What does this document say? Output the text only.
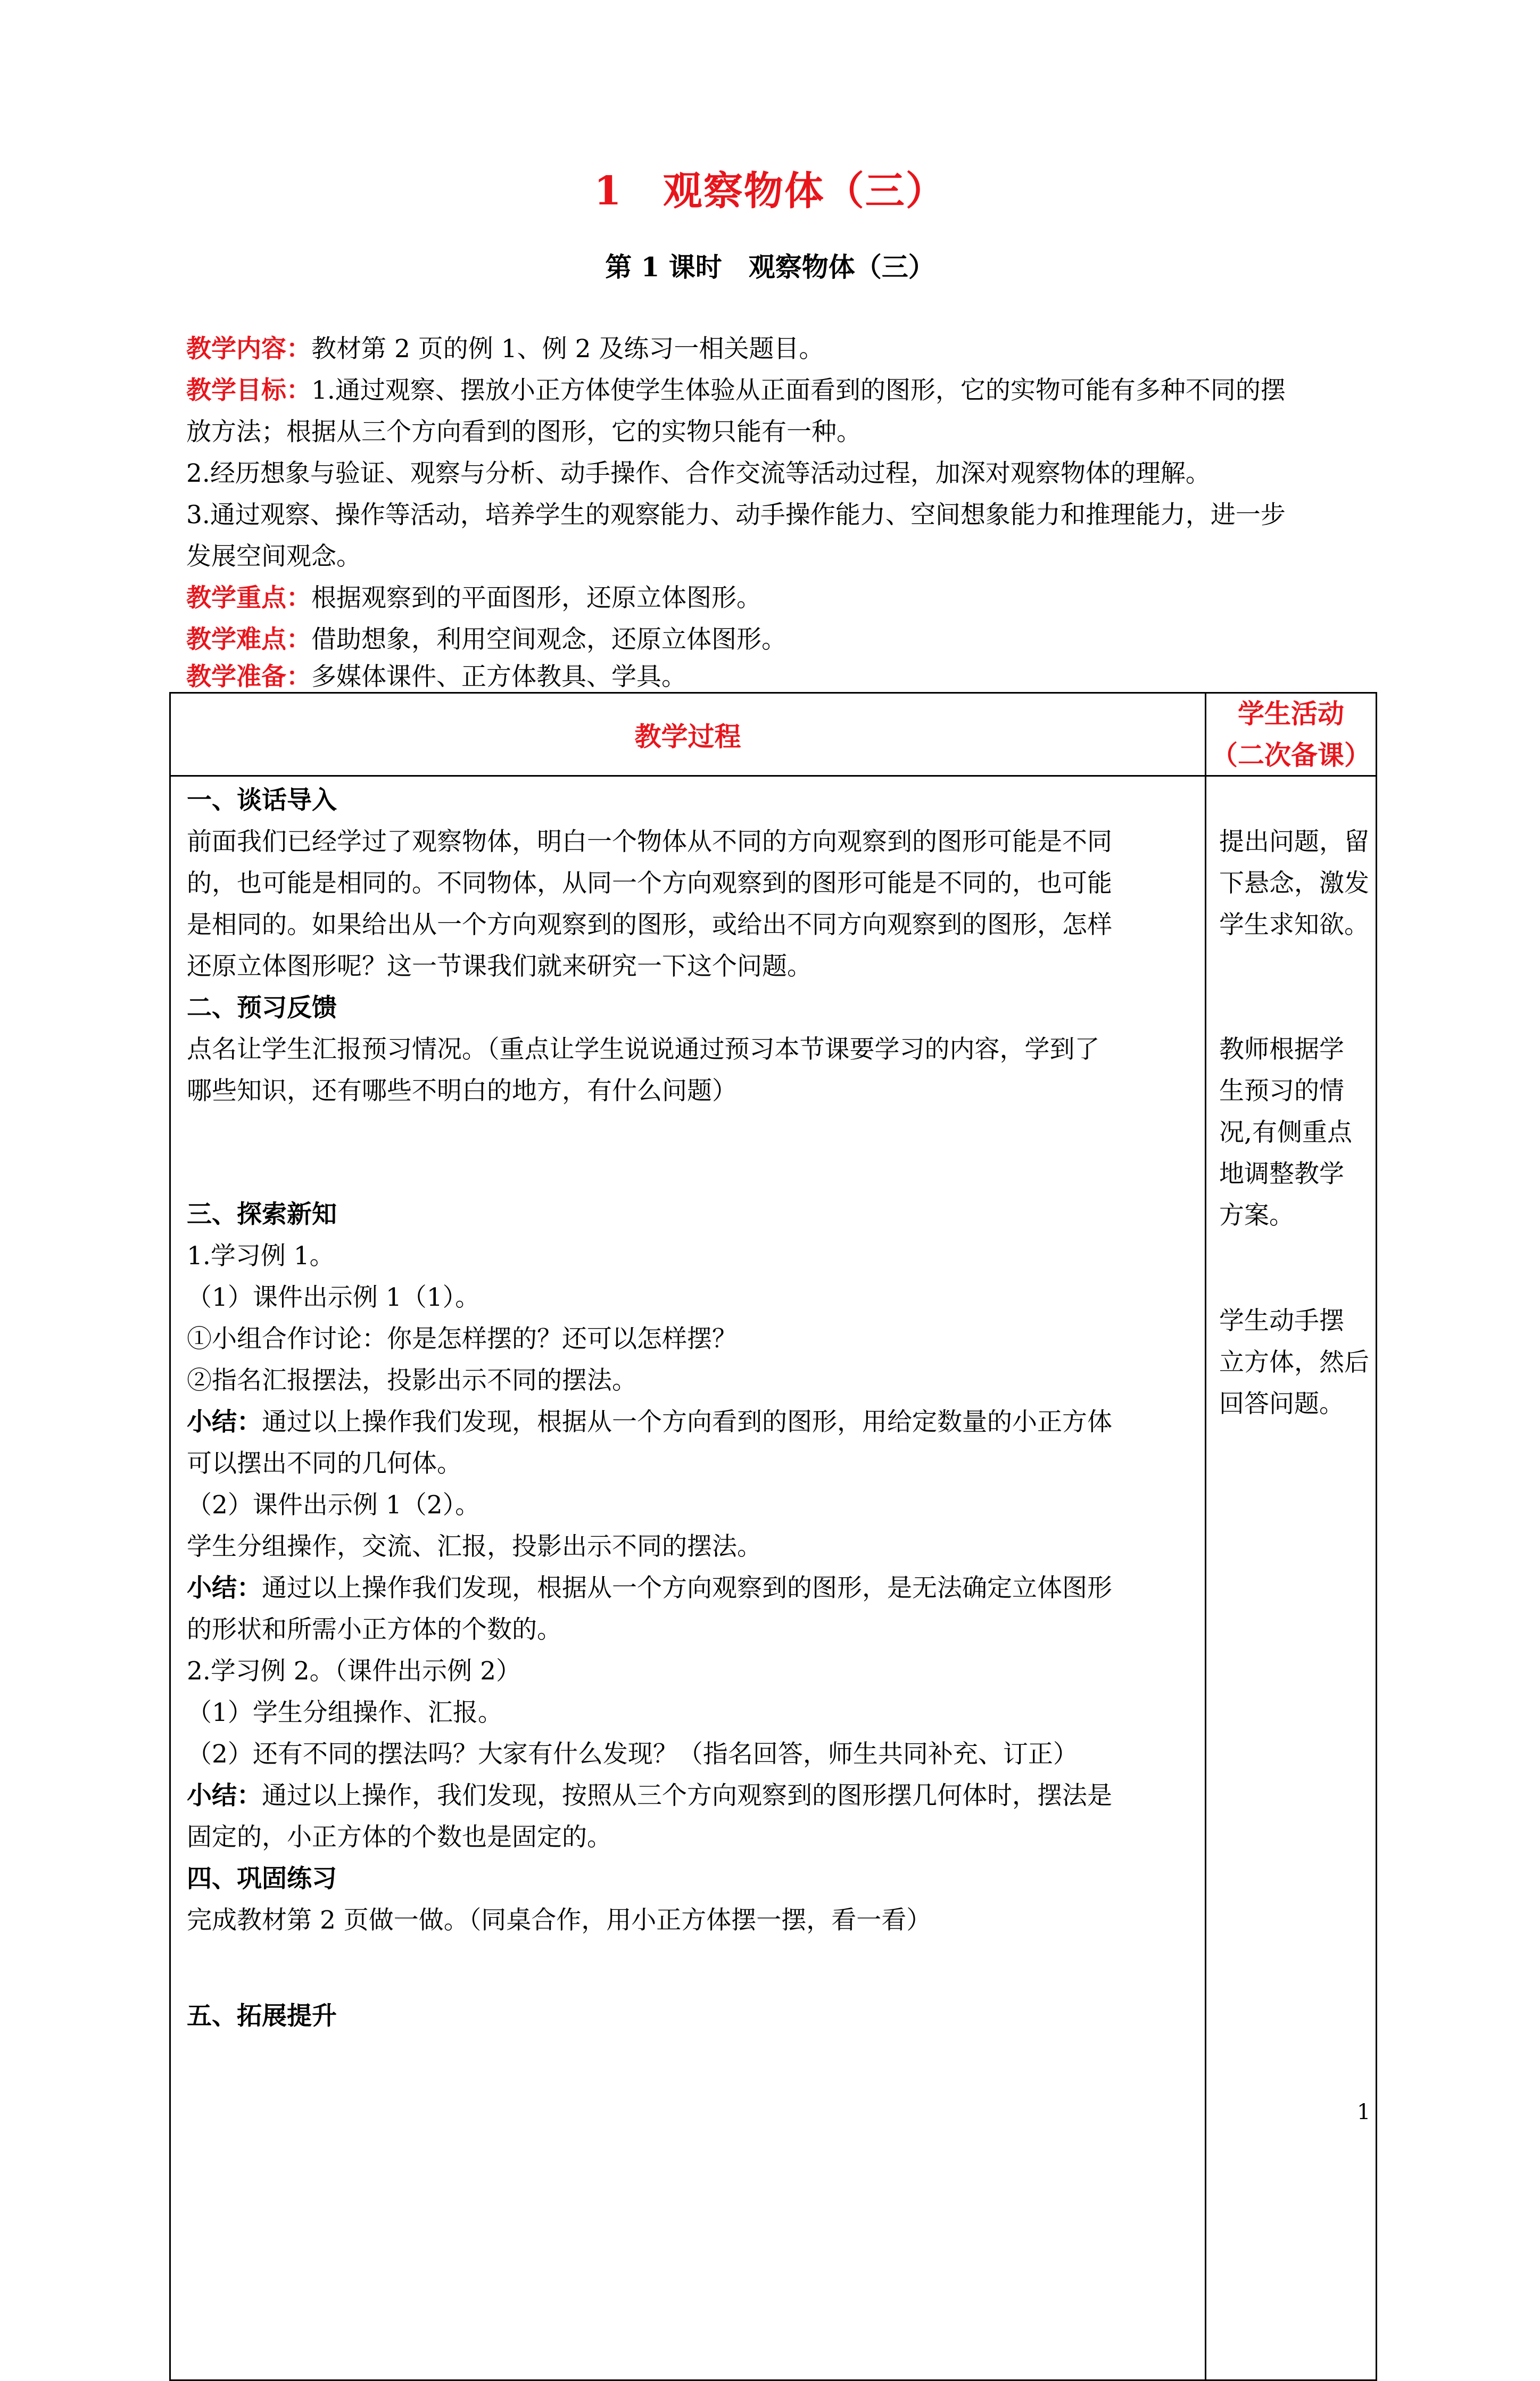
1　观察物体（三）
第 1 课时　观察物体（三）
教学内容：教材第 2 页的例 1、例 2 及练习一相关题目。
教学目标：1.通过观察、摆放小正方体使学生体验从正面看到的图形，它的实物可能有多种不同的摆
放方法；根据从三个方向看到的图形，它的实物只能有一种。
2.经历想象与验证、观察与分析、动手操作、合作交流等活动过程，加深对观察物体的理解。
3.通过观察、操作等活动，培养学生的观察能力、动手操作能力、空间想象能力和推理能力，进一步
发展空间观念。
教学重点：根据观察到的平面图形，还原立体图形。
教学难点：借助想象，利用空间观念，还原立体图形。
教学准备：多媒体课件、正方体教具、学具。
教学过程
学生活动
（二次备课）
一、谈话导入
前面我们已经学过了观察物体，明白一个物体从不同的方向观察到的图形可能是不同
的，也可能是相同的。不同物体，从同一个方向观察到的图形可能是不同的，也可能
是相同的。如果给出从一个方向观察到的图形，或给出不同方向观察到的图形，怎样
还原立体图形呢？这一节课我们就来研究一下这个问题。
二、预习反馈
点名让学生汇报预习情况。（重点让学生说说通过预习本节课要学习的内容，学到了
哪些知识，还有哪些不明白的地方，有什么问题）
三、探索新知
1.学习例 1。
（1）课件出示例 1（1）。
①小组合作讨论：你是怎样摆的？还可以怎样摆？
②指名汇报摆法，投影出示不同的摆法。
小结：通过以上操作我们发现，根据从一个方向看到的图形，用给定数量的小正方体
可以摆出不同的几何体。
（2）课件出示例 1（2）。
学生分组操作，交流、汇报，投影出示不同的摆法。
小结：通过以上操作我们发现，根据从一个方向观察到的图形，是无法确定立体图形
的形状和所需小正方体的个数的。
2.学习例 2。（课件出示例 2）
（1）学生分组操作、汇报。
（2）还有不同的摆法吗？大家有什么发现？（指名回答，师生共同补充、订正）
小结：通过以上操作，我们发现，按照从三个方向观察到的图形摆几何体时，摆法是
固定的，小正方体的个数也是固定的。
四、巩固练习
完成教材第 2 页做一做。（同桌合作，用小正方体摆一摆，看一看）
五、拓展提升
提出问题，留
下悬念，激发
学生求知欲。
教师根据学
生预习的情
况,有侧重点
地调整教学
方案。
学生动手摆
立方体，然后
回答问题。
1
